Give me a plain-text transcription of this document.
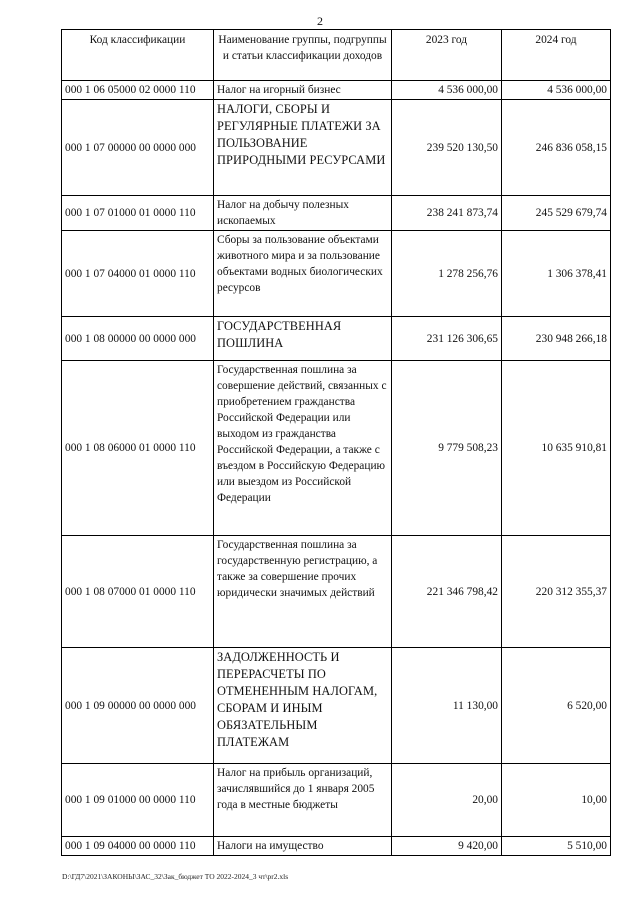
2
Код классификации	Наименование группы, подгруппы и статьи классификации доходов	2023 год	2024 год
000 1 06 05000 02 0000 110	Налог на игорный бизнес	4 536 000,00	4 536 000,00
000 1 07 00000 00 0000 000	НАЛОГИ, СБОРЫ И РЕГУЛЯРНЫЕ ПЛАТЕЖИ ЗА ПОЛЬЗОВАНИЕ ПРИРОДНЫМИ РЕСУРСАМИ	239 520 130,50	246 836 058,15
000 1 07 01000 01 0000 110	Налог на добычу полезных ископаемых	238 241 873,74	245 529 679,74
000 1 07 04000 01 0000 110	Сборы за пользование объектами животного мира и за пользование объектами водных биологических ресурсов	1 278 256,76	1 306 378,41
000 1 08 00000 00 0000 000	ГОСУДАРСТВЕННАЯ ПОШЛИНА	231 126 306,65	230 948 266,18
000 1 08 06000 01 0000 110	Государственная пошлина за совершение действий, связанных с приобретением гражданства Российской Федерации или выходом из гражданства Российской Федерации, а также с въездом в Российскую Федерацию или выездом из Российской Федерации	9 779 508,23	10 635 910,81
000 1 08 07000 01 0000 110	Государственная пошлина за государственную регистрацию, а также за совершение прочих юридически значимых действий	221 346 798,42	220 312 355,37
000 1 09 00000 00 0000 000	ЗАДОЛЖЕННОСТЬ И ПЕРЕРАСЧЕТЫ ПО ОТМЕНЕННЫМ НАЛОГАМ, СБОРАМ И ИНЫМ ОБЯЗАТЕЛЬНЫМ ПЛАТЕЖАМ	11 130,00	6 520,00
000 1 09 01000 00 0000 110	Налог на прибыль организаций, зачислявшийся до 1 января 2005 года в местные бюджеты	20,00	10,00
000 1 09 04000 00 0000 110	Налоги на имущество	9 420,00	5 510,00
D:\ГД7\2021\ЗАКОНЫ\ЗАС_32\Зак_бюджет ТО 2022-2024_3 чт\pr2.xls
